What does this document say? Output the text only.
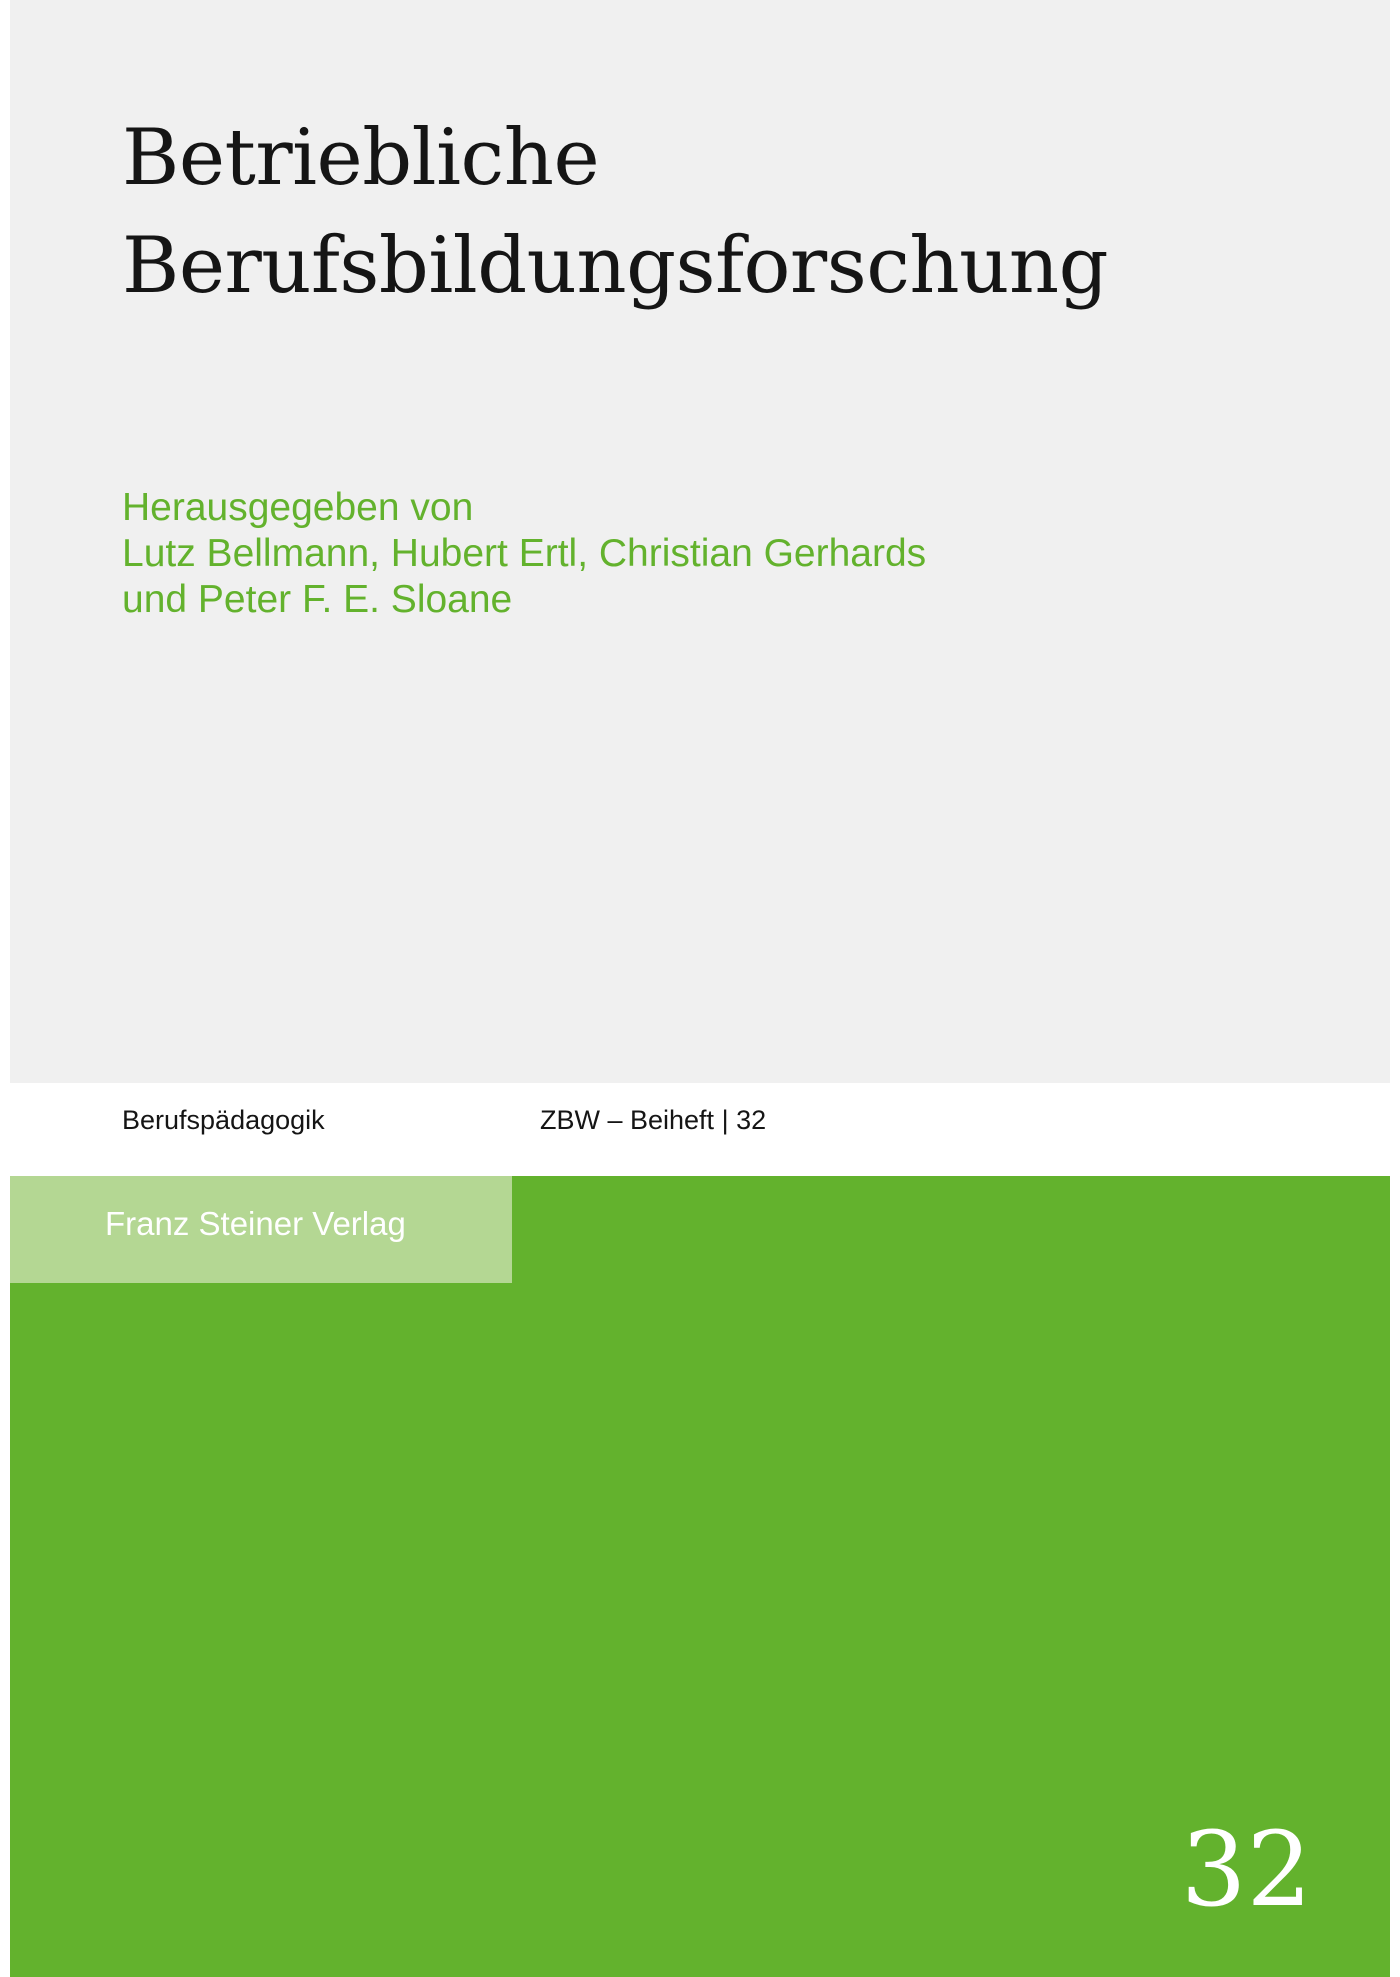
Betriebliche
Berufsbildungsforschung
Herausgegeben von
Lutz Bellmann, Hubert Ertl, Christian Gerhards
und Peter F. E. Sloane
Berufspädagogik	ZBW – Beiheft | 32
Franz Steiner Verlag
32
